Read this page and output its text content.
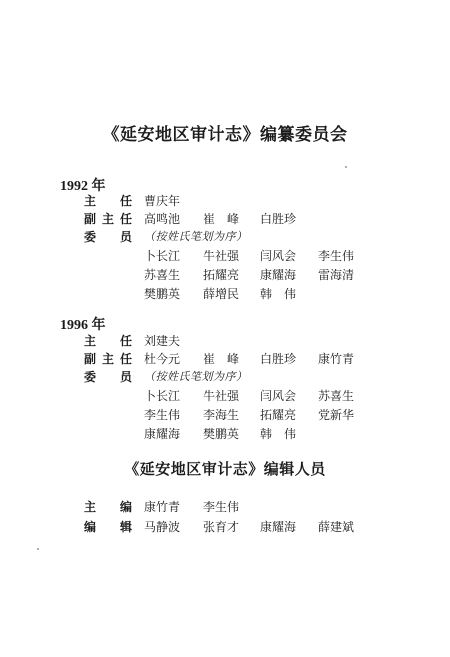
《延安地区审计志》编纂委员会
1992 年
主 任 曹庆年
副 主 任 高鸣池 崔　峰 白胜珍
委 员 （按姓氏笔划为序）
卜长江 牛社强 闫风会 李生伟
苏喜生 拓耀亮 康耀海 雷海清
樊鹏英 薛增民 韩　伟
1996 年
主 任 刘建夫
副 主 任 杜今元 崔　峰 白胜珍 康竹青
委 员 （按姓氏笔划为序）
卜长江 牛社强 闫风会 苏喜生
李生伟 李海生 拓耀亮 党新华
康耀海 樊鹏英 韩　伟
《延安地区审计志》编辑人员
主 编 康竹青 李生伟
编 辑 马静波 张育才 康耀海 薛建斌
